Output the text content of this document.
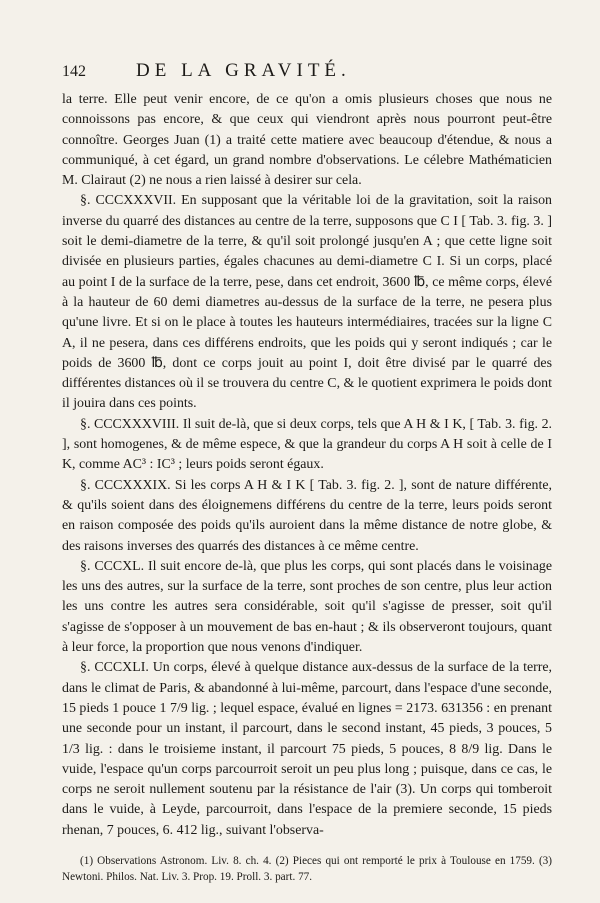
142	DE LA GRAVITÉ.

la terre. Elle peut venir encore, de ce qu'on a omis plusieurs choses que nous ne connoissons pas encore, & que ceux qui viendront après nous pourront peut-être connoître. Georges Juan (1) a traité cette matiere avec beaucoup d'étendue, & nous a communiqué, à cet égard, un grand nombre d'observations. Le célebre Mathématicien M. Clairaut (2) ne nous a rien laissé à desirer sur cela.

§. CCCXXXVII. En supposant que la véritable loi de la gravitation, soit la raison inverse du quarré des distances au centre de la terre, supposons que C I [ Tab. 3. fig. 3. ] soit le demi-diametre de la terre, & qu'il soit prolongé jusqu'en A ; que cette ligne soit divisée en plusieurs parties, égales chacunes au demi-diametre C I. Si un corps, placé au point I de la surface de la terre, pese, dans cet endroit, 3600 ℔, ce même corps, élevé à la hauteur de 60 demi diametres au-dessus de la surface de la terre, ne pesera plus qu'une livre. Et si on le place à toutes les hauteurs intermédiaires, tracées sur la ligne C A, il ne pesera, dans ces différens endroits, que les poids qui y seront indiqués ; car le poids de 3600 ℔, dont ce corps jouit au point I, doit être divisé par le quarré des différentes distances où il se trouvera du centre C, & le quotient exprimera le poids dont il jouira dans ces points.

§. CCCXXXVIII. Il suit de-là, que si deux corps, tels que A H & I K, [ Tab. 3. fig. 2. ], sont homogenes, & de même espece, & que la grandeur du corps A H soit à celle de I K, comme AC³ : IC³ ; leurs poids seront égaux.

§. CCCXXXIX. Si les corps A H & I K [ Tab. 3. fig. 2. ], sont de nature différente, & qu'ils soient dans des éloignemens différens du centre de la terre, leurs poids seront en raison composée des poids qu'ils auroient dans la même distance de notre globe, & des raisons inverses des quarrés des distances à ce même centre.

§. CCCXL. Il suit encore de-là, que plus les corps, qui sont placés dans le voisinage les uns des autres, sur la surface de la terre, sont proches de son centre, plus leur action les uns contre les autres sera considérable, soit qu'il s'agisse de presser, soit qu'il s'agisse de s'opposer à un mouvement de bas en-haut ; & ils observeront toujours, quant à leur force, la proportion que nous venons d'indiquer.

§. CCCXLI. Un corps, élevé à quelque distance aux-dessus de la surface de la terre, dans le climat de Paris, & abandonné à lui-même, parcourt, dans l'espace d'une seconde, 15 pieds 1 pouce 1 7/9 lig. ; lequel espace, évalué en lignes = 2173. 631356 : en prenant une seconde pour un instant, il parcourt, dans le second instant, 45 pieds, 3 pouces, 5 1/3 lig. : dans le troisieme instant, il parcourt 75 pieds, 5 pouces, 8 8/9 lig. Dans le vuide, l'espace qu'un corps parcourroit seroit un peu plus long ; puisque, dans ce cas, le corps ne seroit nullement soutenu par la résistance de l'air (3). Un corps qui tomberoit dans le vuide, à Leyde, parcourroit, dans l'espace de la premiere seconde, 15 pieds rhenan, 7 pouces, 6. 412 lig., suivant l'observa-

(1) Observations Astronom. Liv. 8. ch. 4. (2) Pieces qui ont remporté le prix à Toulouse en 1759. (3) Newtoni. Philos. Nat. Liv. 3. Prop. 19. Proll. 3. part. 77.
